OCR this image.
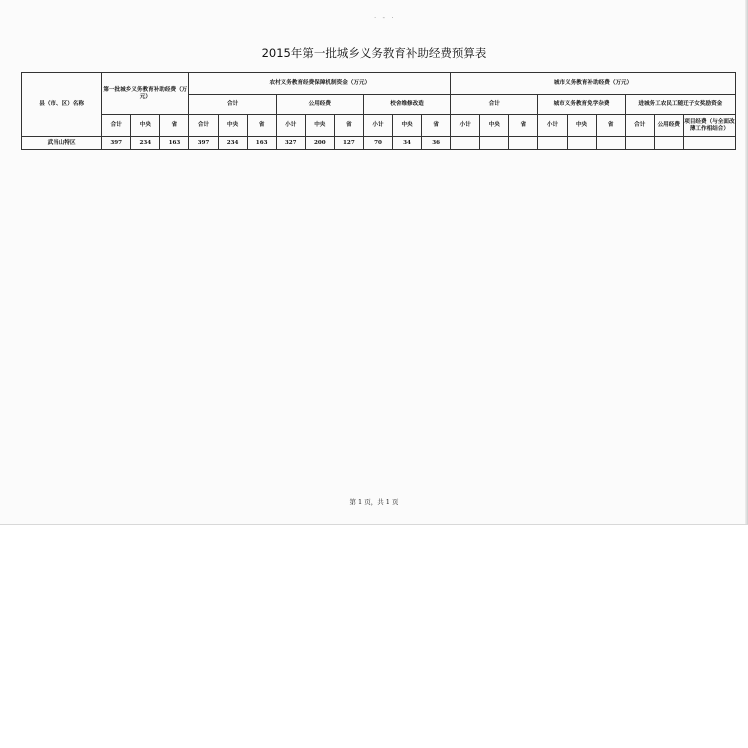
· - ·
2015年第一批城乡义务教育补助经费预算表
县（市、区）名称	第一批城乡义务教育补助经费（万元）			农村义务教育经费保障机制资金（万元）									城市义务教育补助经费（万元）								
				合计			公用经费			校舍维修改造			合计			城市义务教育免学杂费			进城务工农民工随迁子女奖励资金		
	合计	中央	省	合计	中央	省	小计	中央	省	小计	中央	省	小计	中央	省	小计	中央	省	合计	公用经费	项目经费（与全面改薄工作相结合）
武当山特区	397	234	163	397	234	163	327	200	127	70	34	36									
第 1 页，共 1 页
